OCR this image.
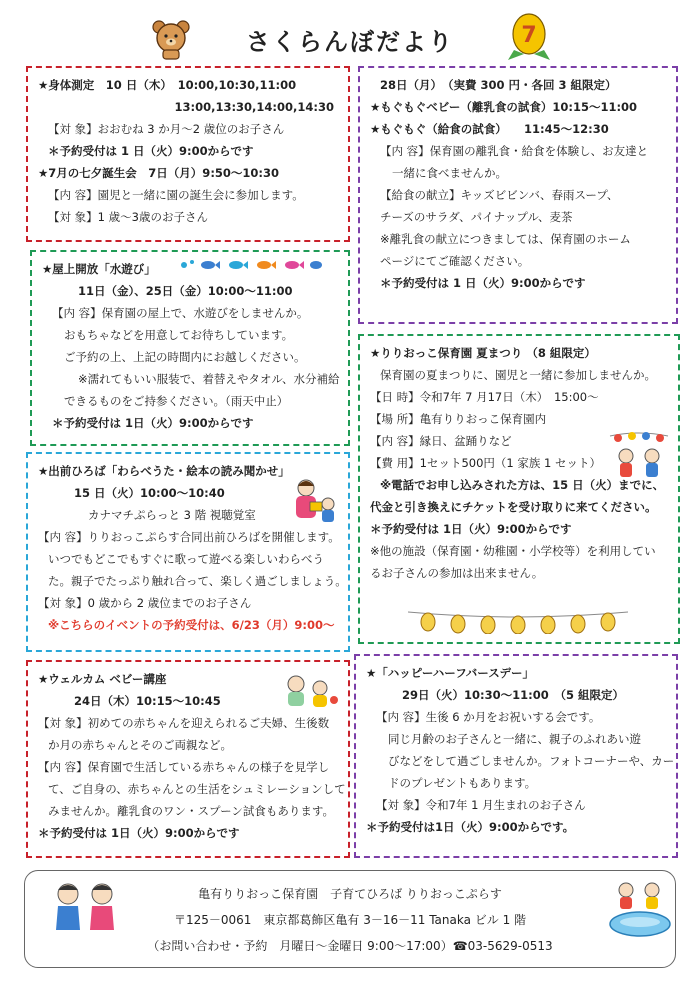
さくらんぼだより	7
★身体測定　10 日（木）　10:00,10:30,11:00
13:00,13:30,14:00,14:30
【対 象】おおむね 3 か月～2 歳位のお子さん
＊予約受付は 1 日（火）9:00からです
★7月の七夕誕生会　7日（月）9:50～10:30
【内 容】園児と一緒に園の誕生会に参加します。
【対 象】1 歳～3歳のお子さん
28日（月）　（実費 300 円・各回 3 組限定）
★もぐもぐベビー（離乳食の試食）10:15～11:00
★もぐもぐ（給食の試食）　　11:45～12:30
【内 容】保育園の離乳食・給食を体験し、お友達と
一緒に食べませんか。
【給食の献立】キッズビビンバ、春雨スープ、
チーズのサラダ、パイナップル、麦茶
※離乳食の献立につきましては、保育園のホーム
ページにてご確認ください。
＊予約受付は 1 日（火）9:00からです
★屋上開放「水遊び」
11日（金）、25日（金）10:00～11:00
【内 容】保育園の屋上で、水遊びをしませんか。
おもちゃなどを用意してお待ちしています。
ご予約の上、上記の時間内にお越しください。
※濡れてもいい服装で、着替えやタオル、水分補給
できるものをご持参ください。（雨天中止）
＊予約受付は 1日（火）9:00からです
★りりおっこ保育園 夏まつり （8 組限定）
保育園の夏まつりに、園児と一緒に参加しませんか。
【日 時】令和7年 7 月17日（木）　15:00～
【場 所】亀有りりおっこ保育園内
【内 容】縁日、盆踊りなど
【費 用】1セット500円（1 家族 1 セット）
※電話でお申し込みされた方は、15 日（火）までに、
代金と引き換えにチケットを受け取りに来てください。
＊予約受付は 1日（火）9:00からです
※他の施設（保育園・幼稚園・小学校等）を利用してい
るお子さんの参加は出来ません。
★出前ひろば「わらべうた・絵本の読み聞かせ」
15 日（火）10:00～10:40
カナマチぷらっと 3 階 視聴覚室
【内 容】りりおっこぷらす合同出前ひろばを開催します。
いつでもどこでもすぐに歌って遊べる楽しいわらべう
た。親子でたっぷり触れ合って、楽しく過ごしましょう。
【対 象】0 歳から 2 歳位までのお子さん
※こちらのイベントの予約受付は、6/23（月）9:00～
★ウェルカム ベビー講座
24日（木）10:15～10:45
【対 象】初めての赤ちゃんを迎えられるご夫婦、生後数
か月の赤ちゃんとそのご両親など。
【内 容】保育園で生活している赤ちゃんの様子を見学し
て、ご自身の、赤ちゃんとの生活をシュミレーションして
みませんか。離乳食のワン・スプーン試食もあります。
＊予約受付は 1日（火）9:00からです
★「ハッピーハーフバースデー」
29日（火）10:30～11:00　（5 組限定）
【内 容】生後 6 か月をお祝いする会です。
同じ月齢のお子さんと一緒に、親子のふれあい遊
びなどをして過ごしませんか。フォトコーナーや、カー
ドのプレゼントもあります。
【対 象】令和7年 1 月生まれのお子さん
＊予約受付は1日（火）9:00からです。
亀有りりおっこ保育園　子育てひろば りりおっこぷらす
〒125－0061　東京都葛飾区亀有 3－16－11 Tanaka ビル 1 階
（お問い合わせ・予約　月曜日～金曜日 9:00～17:00）☎03-5629-0513
